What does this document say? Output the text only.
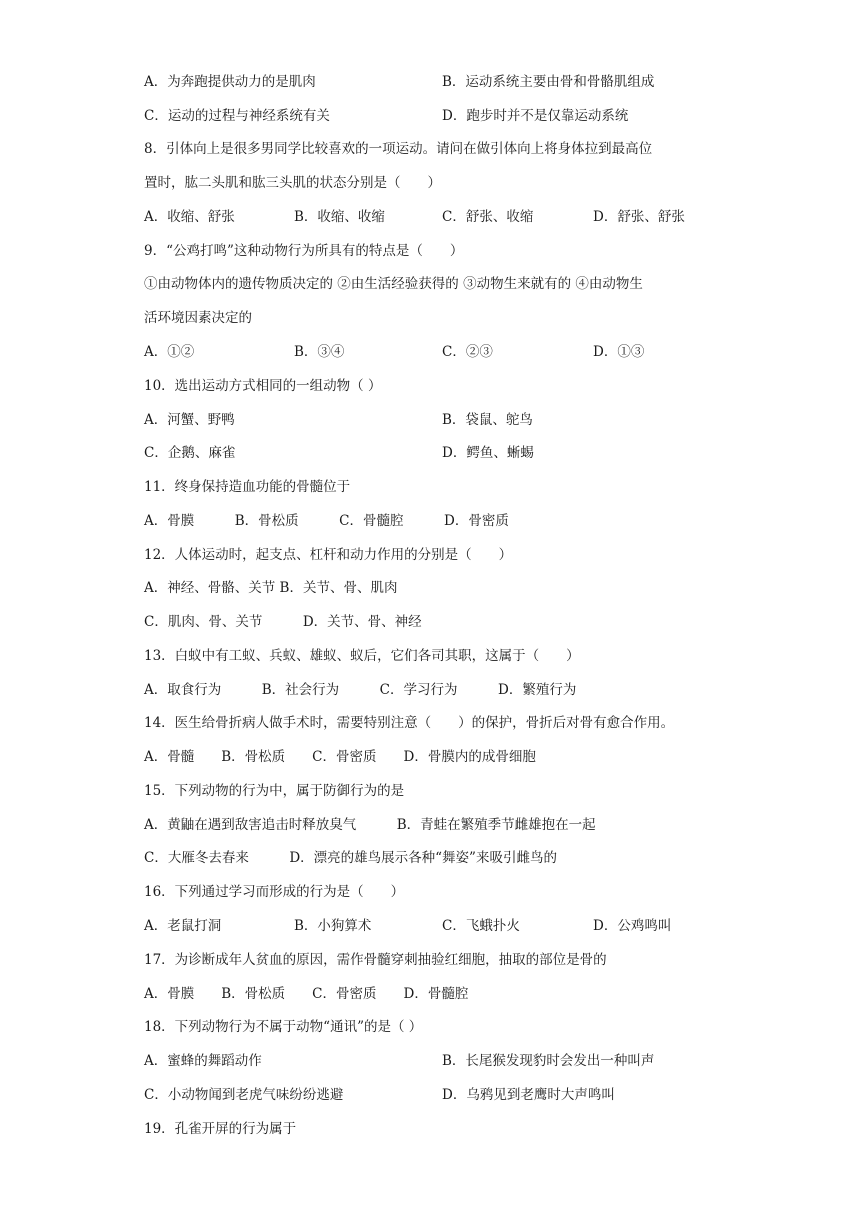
A．为奔跑提供动力的是肌肉	B．运动系统主要由骨和骨骼肌组成
C．运动的过程与神经系统有关	D．跑步时并不是仅靠运动系统
8．引体向上是很多男同学比较喜欢的一项运动。请问在做引体向上将身体拉到最高位
置时，肱二头肌和肱三头肌的状态分别是（　　）
A．收缩、舒张	B．收缩、收缩	C．舒张、收缩	D．舒张、舒张
9．“公鸡打鸣”这种动物行为所具有的特点是（　　）
①由动物体内的遗传物质决定的 ②由生活经验获得的 ③动物生来就有的 ④由动物生
活环境因素决定的
A．①②	B．③④	C．②③	D．①③
10．选出运动方式相同的一组动物（ ）
A．河蟹、野鸭	B．袋鼠、鸵鸟
C．企鹅、麻雀	D．鳄鱼、蜥蜴
11．终身保持造血功能的骨髓位于
A．骨膜　　　B．骨松质　　　C．骨髓腔　　　D．骨密质
12．人体运动时，起支点、杠杆和动力作用的分别是（　　）
A．神经、骨骼、关节 B．关节、骨、肌肉
C．肌肉、骨、关节　　　D．关节、骨、神经
13．白蚁中有工蚁、兵蚁、雄蚁、蚁后，它们各司其职，这属于（　　）
A．取食行为　　　B．社会行为　　　C．学习行为　　　D．繁殖行为
14．医生给骨折病人做手术时，需要特别注意（　　）的保护，骨折后对骨有愈合作用。
A．骨髓　　B．骨松质　　C．骨密质　　D．骨膜内的成骨细胞
15．下列动物的行为中，属于防御行为的是
A．黄鼬在遇到敌害追击时释放臭气　　　B．青蛙在繁殖季节雌雄抱在一起
C．大雁冬去春来　　　D．漂亮的雄鸟展示各种“舞姿”来吸引雌鸟的
16．下列通过学习而形成的行为是（　　）
A．老鼠打洞	B．小狗算术	C．飞蛾扑火	D．公鸡鸣叫
17．为诊断成年人贫血的原因，需作骨髓穿刺抽验红细胞，抽取的部位是骨的
A．骨膜　　B．骨松质　　C．骨密质　　D．骨髓腔
18．下列动物行为不属于动物“通讯”的是（ ）
A．蜜蜂的舞蹈动作	B．长尾猴发现豹时会发出一种叫声
C．小动物闻到老虎气味纷纷逃避	D．乌鸦见到老鹰时大声鸣叫
19．孔雀开屏的行为属于
